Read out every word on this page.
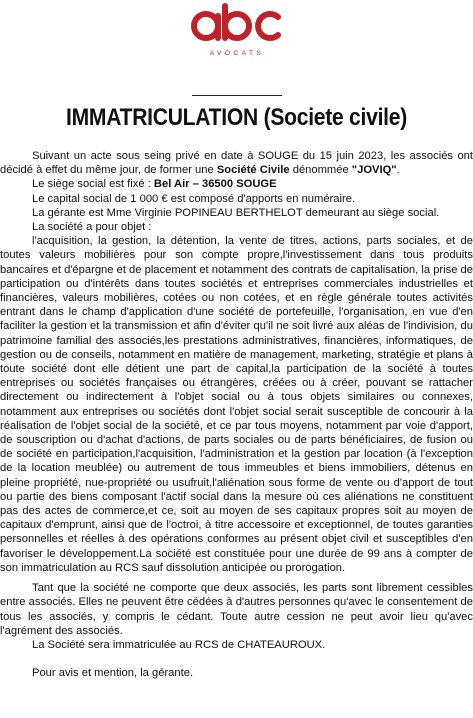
AVOCATS
IMMATRICULATION (Societe civile)

Suivant un acte sous seing privé en date à SOUGE du 15 juin 2023, les associés ont décidé à effet du même jour, de former une Société Civile dénommée "JOVIQ".

Le siège social est fixé : Bel Air – 36500 SOUGE

Le capital social de 1 000 € est composé d'apports en numéraire.

La gérante est Mme Virginie POPINEAU BERTHELOT demeurant au siège social.

La société a pour objet :

l'acquisition, la gestion, la détention, la vente de titres, actions, parts sociales, et de toutes valeurs mobilières pour son compte propre,l'investissement dans tous produits bancaires et d'épargne et de placement et notamment des contrats de capitalisation, la prise de participation ou d'intérêts dans toutes sociétés et entreprises commerciales industrielles et financières, valeurs mobilières, cotées ou non cotées, et en règle générale toutes activités entrant dans le champ d'application d'une société de portefeuille, l'organisation, en vue d'en faciliter la gestion et la transmission et afin d'éviter qu'il ne soit livré aux aléas de l'indivision, du patrimoine familial des associés,les prestations administratives, financières, informatiques, de gestion ou de conseils, notamment en matière de management, marketing, stratégie et plans à toute société dont elle détient une part de capital,la participation de la société à toutes entreprises ou sociétés françaises ou étrangères, créées ou à créer, pouvant se rattacher directement ou indirectement à l'objet social ou à tous objets similaires ou connexes, notamment aux entreprises ou sociétés dont l'objet social serait susceptible de concourir à la réalisation de l'objet social de la société, et ce par tous moyens, notamment par voie d'apport, de souscription ou d'achat d'actions, de parts sociales ou de parts bénéficiaires, de fusion ou de société en participation,l'acquisition, l'administration et la gestion par location (à l'exception de la location meublée) ou autrement de tous immeubles et biens immobiliers, détenus en pleine propriété, nue-propriété ou usufruit,l'aliénation sous forme de vente ou d'apport de tout ou partie des biens composant l'actif social dans la mesure où ces aliénations ne constituent pas des actes de commerce,et ce, soit au moyen de ses capitaux propres soit au moyen de capitaux d'emprunt, ainsi que de l'octroi, à titre accessoire et exceptionnel, de toutes garanties personnelles et réelles à des opérations conformes au présent objet civil et susceptibles d'en favoriser le développement.La société est constituée pour une durée de 99 ans à compter de son immatriculation au RCS sauf dissolution anticipée ou prorogation.

Tant que la société ne comporte que deux associés, les parts sont librement cessibles entre associés. Elles ne peuvent être cédées à d'autres personnes qu'avec le consentement de tous les associés, y compris le cédant. Toute autre cession ne peut avoir lieu qu'avec l'agrément des associés.

La Société sera immatriculée au RCS de CHATEAUROUX.

Pour avis et mention, la gérante.
